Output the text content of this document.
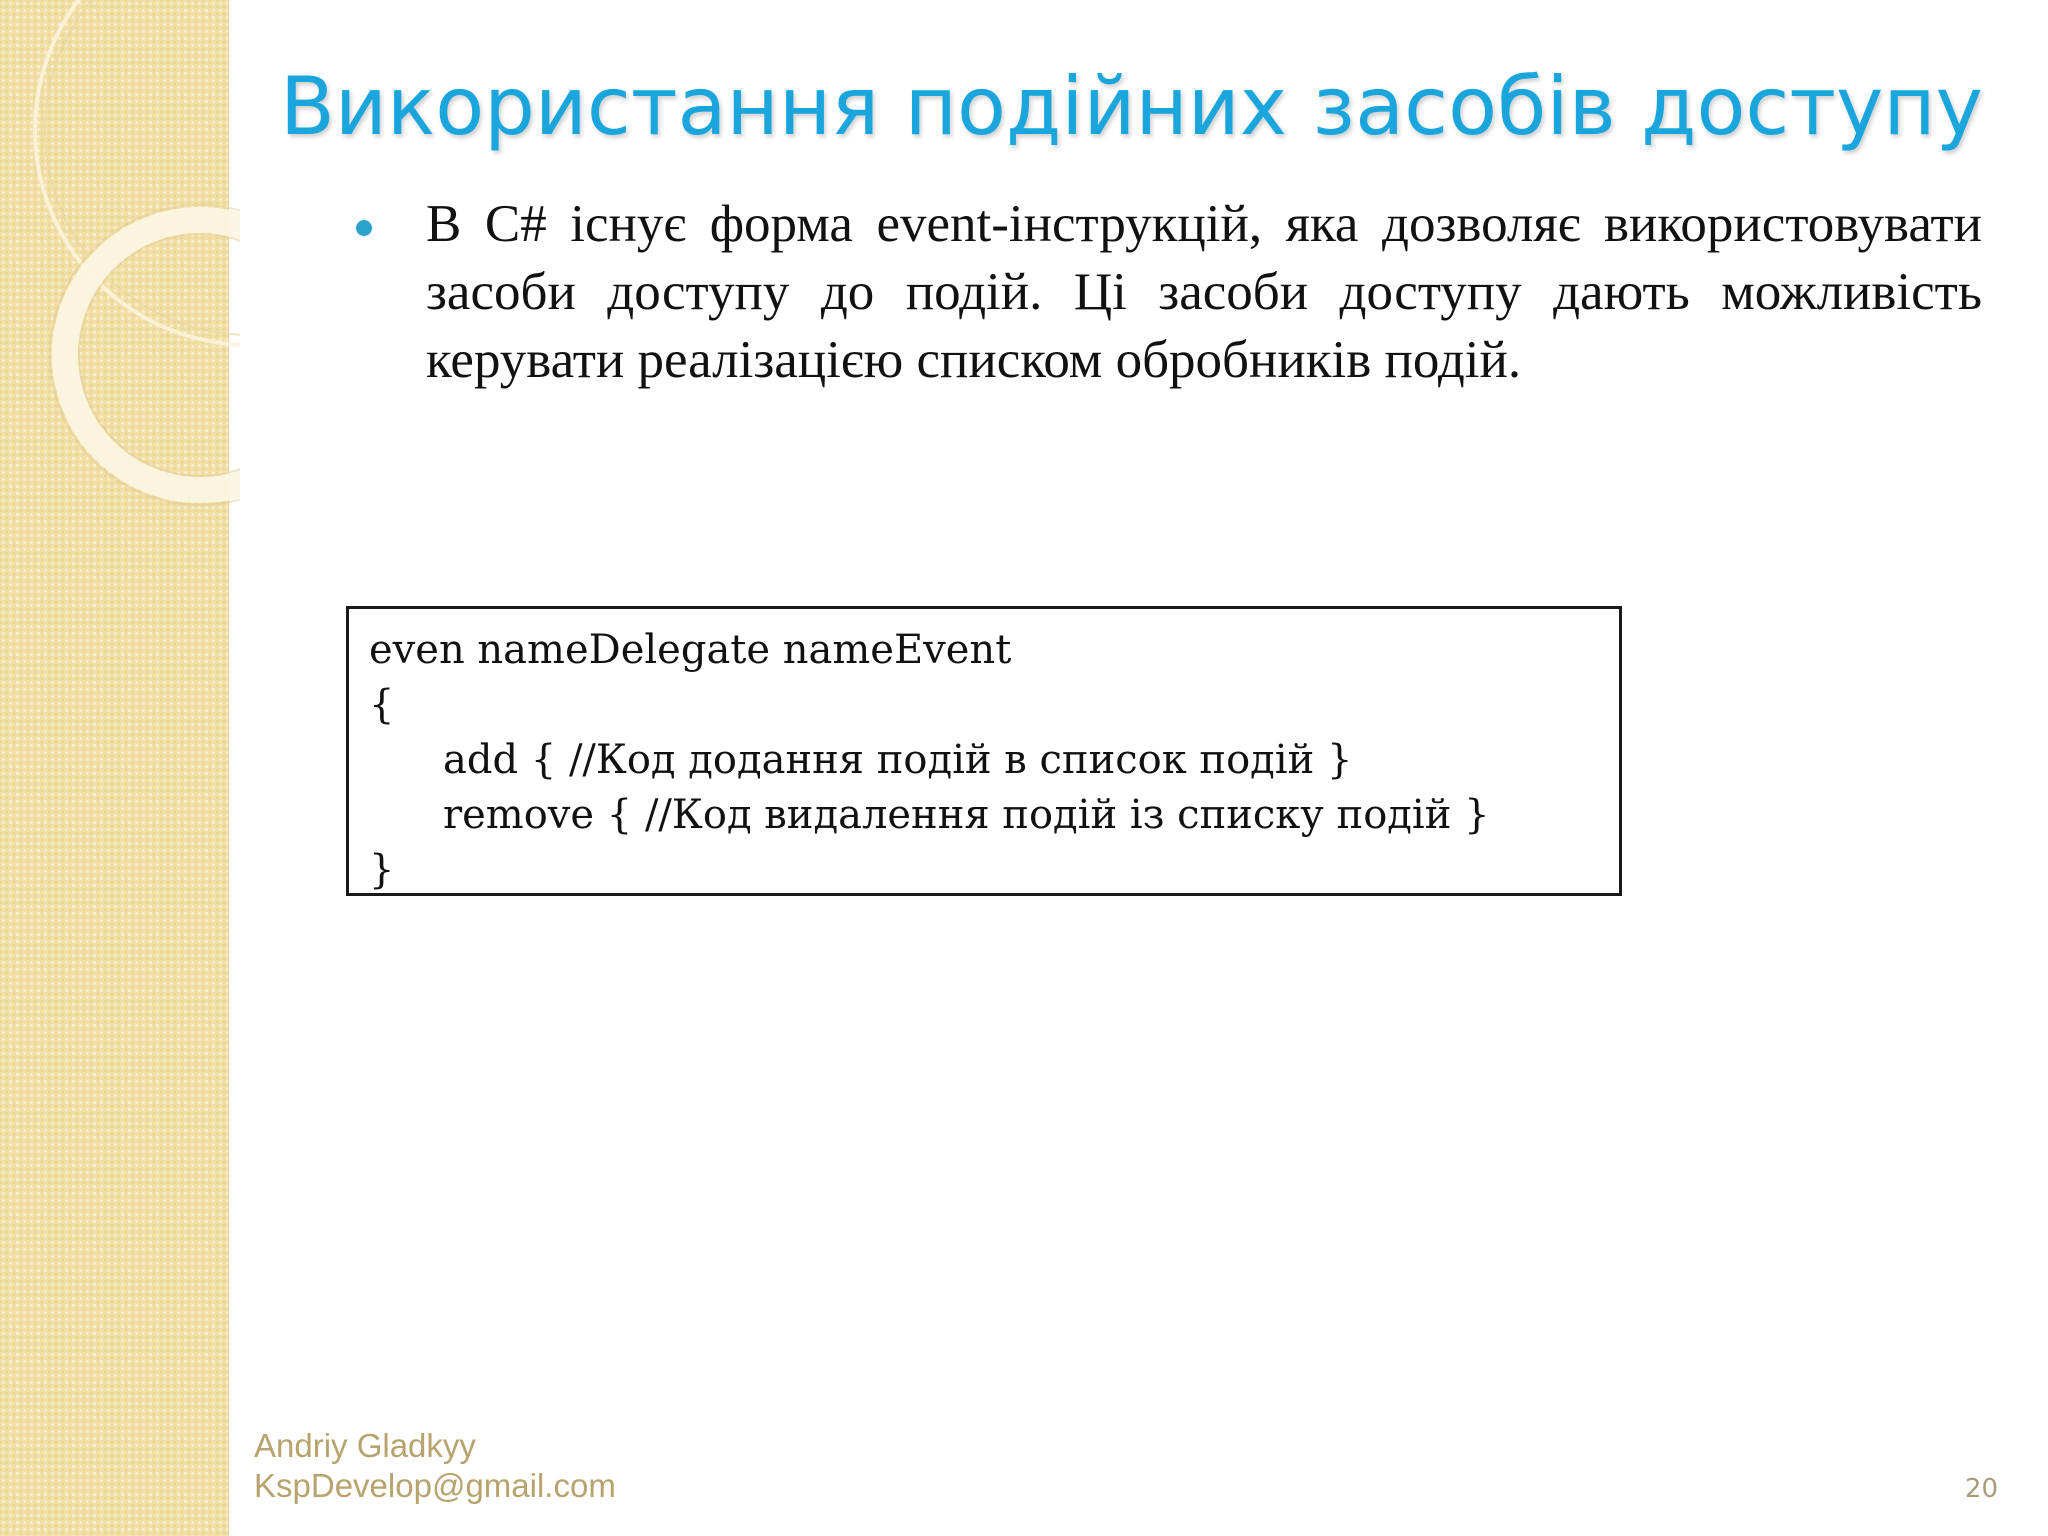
Використання подійних засобів доступу
В C# існує форма event-інструкцій, яка дозволяє використовувати засоби доступу до подій. Ці засоби доступу дають можливість керувати реалізацією списком обробників подій.
even nameDelegate nameEvent
{
add { //Код додання подій в список подій }
remove { //Код видалення подій із списку подій }
}
Andriy Gladkyy
KspDevelop@gmail.com	20
